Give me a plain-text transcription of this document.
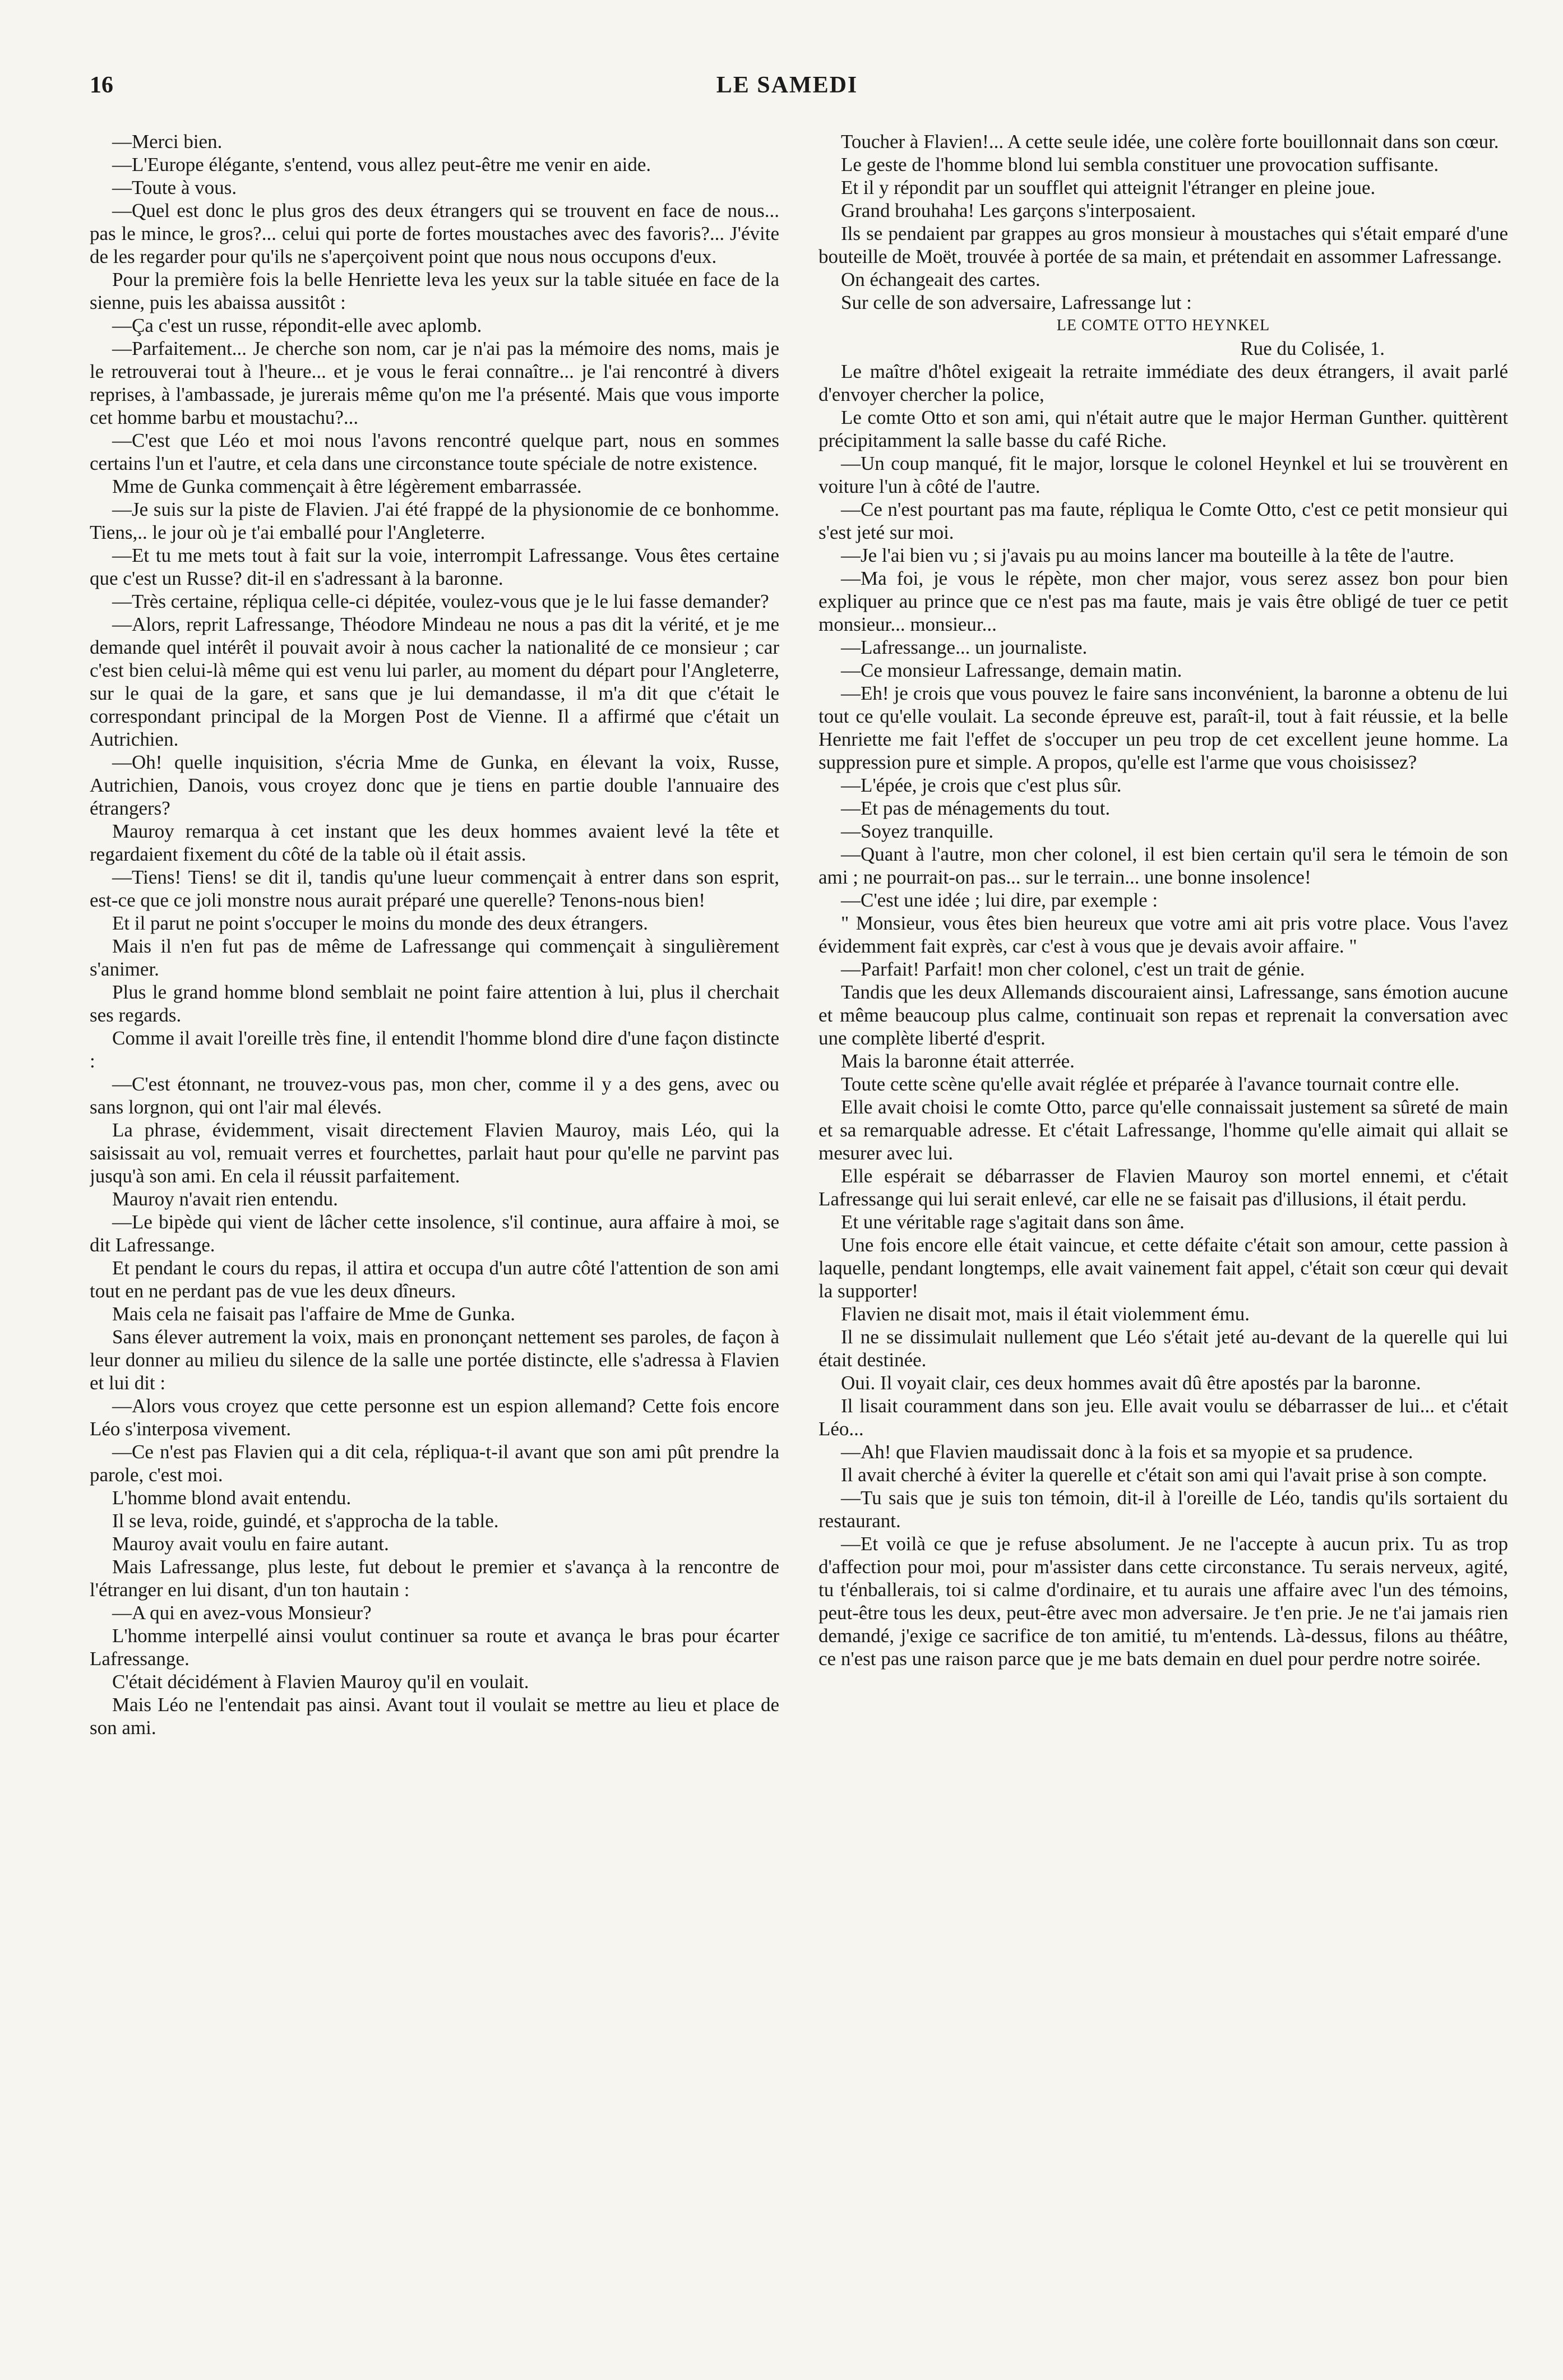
16	LE SAMEDI

—Merci bien.

—L'Europe élégante, s'entend, vous allez peut-être me venir en aide.

—Toute à vous.

—Quel est donc le plus gros des deux étrangers qui se trouvent en face de nous... pas le mince, le gros?... celui qui porte de fortes moustaches avec des favoris?... J'évite de les regarder pour qu'ils ne s'aperçoivent point que nous nous occupons d'eux.

Pour la première fois la belle Henriette leva les yeux sur la table située en face de la sienne, puis les abaissa aussitôt :

—Ça c'est un russe, répondit-elle avec aplomb.

—Parfaitement... Je cherche son nom, car je n'ai pas la mémoire des noms, mais je le retrouverai tout à l'heure... et je vous le ferai connaître... je l'ai rencontré à divers reprises, à l'ambassade, je jurerais même qu'on me l'a présenté. Mais que vous importe cet homme barbu et moustachu?...

—C'est que Léo et moi nous l'avons rencontré quelque part, nous en sommes certains l'un et l'autre, et cela dans une circonstance toute spéciale de notre existence.

Mme de Gunka commençait à être légèrement embarrassée.

—Je suis sur la piste de Flavien. J'ai été frappé de la physionomie de ce bonhomme. Tiens,.. le jour où je t'ai emballé pour l'Angleterre.

—Et tu me mets tout à fait sur la voie, interrompit Lafressange. Vous êtes certaine que c'est un Russe? dit-il en s'adressant à la baronne.

—Très certaine, répliqua celle-ci dépitée, voulez-vous que je le lui fasse demander?

—Alors, reprit Lafressange, Théodore Mindeau ne nous a pas dit la vérité, et je me demande quel intérêt il pouvait avoir à nous cacher la nationalité de ce monsieur ; car c'est bien celui-là même qui est venu lui parler, au moment du départ pour l'Angleterre, sur le quai de la gare, et sans que je lui demandasse, il m'a dit que c'était le correspondant principal de la Morgen Post de Vienne. Il a affirmé que c'était un Autrichien.

—Oh! quelle inquisition, s'écria Mme de Gunka, en élevant la voix, Russe, Autrichien, Danois, vous croyez donc que je tiens en partie double l'annuaire des étrangers?

Mauroy remarqua à cet instant que les deux hommes avaient levé la tête et regardaient fixement du côté de la table où il était assis.

—Tiens! Tiens! se dit il, tandis qu'une lueur commençait à entrer dans son esprit, est-ce que ce joli monstre nous aurait préparé une querelle? Tenons-nous bien!

Et il parut ne point s'occuper le moins du monde des deux étrangers.

Mais il n'en fut pas de même de Lafressange qui commençait à singulièrement s'animer.

Plus le grand homme blond semblait ne point faire attention à lui, plus il cherchait ses regards.

Comme il avait l'oreille très fine, il entendit l'homme blond dire d'une façon distincte :

—C'est étonnant, ne trouvez-vous pas, mon cher, comme il y a des gens, avec ou sans lorgnon, qui ont l'air mal élevés.

La phrase, évidemment, visait directement Flavien Mauroy, mais Léo, qui la saisissait au vol, remuait verres et fourchettes, parlait haut pour qu'elle ne parvint pas jusqu'à son ami. En cela il réussit parfaitement.

Mauroy n'avait rien entendu.

—Le bipède qui vient de lâcher cette insolence, s'il continue, aura affaire à moi, se dit Lafressange.

Et pendant le cours du repas, il attira et occupa d'un autre côté l'attention de son ami tout en ne perdant pas de vue les deux dîneurs.

Mais cela ne faisait pas l'affaire de Mme de Gunka.

Sans élever autrement la voix, mais en prononçant nettement ses paroles, de façon à leur donner au milieu du silence de la salle une portée distincte, elle s'adressa à Flavien et lui dit :

—Alors vous croyez que cette personne est un espion allemand? Cette fois encore Léo s'interposa vivement.

—Ce n'est pas Flavien qui a dit cela, répliqua-t-il avant que son ami pût prendre la parole, c'est moi.

L'homme blond avait entendu.

Il se leva, roide, guindé, et s'approcha de la table.

Mauroy avait voulu en faire autant.

Mais Lafressange, plus leste, fut debout le premier et s'avança à la rencontre de l'étranger en lui disant, d'un ton hautain :

—A qui en avez-vous Monsieur?

L'homme interpellé ainsi voulut continuer sa route et avança le bras pour écarter Lafressange.

C'était décidément à Flavien Mauroy qu'il en voulait.

Mais Léo ne l'entendait pas ainsi. Avant tout il voulait se mettre au lieu et place de son ami.

Toucher à Flavien!... A cette seule idée, une colère forte bouillonnait dans son cœur.

Le geste de l'homme blond lui sembla constituer une provocation suffisante.

Et il y répondit par un soufflet qui atteignit l'étranger en pleine joue.

Grand brouhaha! Les garçons s'interposaient.

Ils se pendaient par grappes au gros monsieur à moustaches qui s'était emparé d'une bouteille de Moët, trouvée à portée de sa main, et prétendait en assommer Lafressange.

On échangeait des cartes.

Sur celle de son adversaire, Lafressange lut :

LE COMTE OTTO HEYNKEL

Rue du Colisée, 1.

Le maître d'hôtel exigeait la retraite immédiate des deux étrangers, il avait parlé d'envoyer chercher la police,

Le comte Otto et son ami, qui n'était autre que le major Herman Gunther. quittèrent précipitamment la salle basse du café Riche.

—Un coup manqué, fit le major, lorsque le colonel Heynkel et lui se trouvèrent en voiture l'un à côté de l'autre.

—Ce n'est pourtant pas ma faute, répliqua le Comte Otto, c'est ce petit monsieur qui s'est jeté sur moi.

—Je l'ai bien vu ; si j'avais pu au moins lancer ma bouteille à la tête de l'autre.

—Ma foi, je vous le répète, mon cher major, vous serez assez bon pour bien expliquer au prince que ce n'est pas ma faute, mais je vais être obligé de tuer ce petit monsieur... monsieur...

—Lafressange... un journaliste.

—Ce monsieur Lafressange, demain matin.

—Eh! je crois que vous pouvez le faire sans inconvénient, la baronne a obtenu de lui tout ce qu'elle voulait. La seconde épreuve est, paraît-il, tout à fait réussie, et la belle Henriette me fait l'effet de s'occuper un peu trop de cet excellent jeune homme. La suppression pure et simple. A propos, qu'elle est l'arme que vous choisissez?

—L'épée, je crois que c'est plus sûr.

—Et pas de ménagements du tout.

—Soyez tranquille.

—Quant à l'autre, mon cher colonel, il est bien certain qu'il sera le témoin de son ami ; ne pourrait-on pas... sur le terrain... une bonne insolence!

—C'est une idée ; lui dire, par exemple :

" Monsieur, vous êtes bien heureux que votre ami ait pris votre place. Vous l'avez évidemment fait exprès, car c'est à vous que je devais avoir affaire. "

—Parfait! Parfait! mon cher colonel, c'est un trait de génie.

Tandis que les deux Allemands discouraient ainsi, Lafressange, sans émotion aucune et même beaucoup plus calme, continuait son repas et reprenait la conversation avec une complète liberté d'esprit.

Mais la baronne était atterrée.

Toute cette scène qu'elle avait réglée et préparée à l'avance tournait contre elle.

Elle avait choisi le comte Otto, parce qu'elle connaissait justement sa sûreté de main et sa remarquable adresse. Et c'était Lafressange, l'homme qu'elle aimait qui allait se mesurer avec lui.

Elle espérait se débarrasser de Flavien Mauroy son mortel ennemi, et c'était Lafressange qui lui serait enlevé, car elle ne se faisait pas d'illusions, il était perdu.

Et une véritable rage s'agitait dans son âme.

Une fois encore elle était vaincue, et cette défaite c'était son amour, cette passion à laquelle, pendant longtemps, elle avait vainement fait appel, c'était son cœur qui devait la supporter!

Flavien ne disait mot, mais il était violemment ému.

Il ne se dissimulait nullement que Léo s'était jeté au-devant de la querelle qui lui était destinée.

Oui. Il voyait clair, ces deux hommes avait dû être apostés par la baronne.

Il lisait couramment dans son jeu. Elle avait voulu se débarrasser de lui... et c'était Léo...

—Ah! que Flavien maudissait donc à la fois et sa myopie et sa prudence.

Il avait cherché à éviter la querelle et c'était son ami qui l'avait prise à son compte.

—Tu sais que je suis ton témoin, dit-il à l'oreille de Léo, tandis qu'ils sortaient du restaurant.

—Et voilà ce que je refuse absolument. Je ne l'accepte à aucun prix. Tu as trop d'affection pour moi, pour m'assister dans cette circonstance. Tu serais nerveux, agité, tu t'énballerais, toi si calme d'ordinaire, et tu aurais une affaire avec l'un des témoins, peut-être tous les deux, peut-être avec mon adversaire. Je t'en prie. Je ne t'ai jamais rien demandé, j'exige ce sacrifice de ton amitié, tu m'entends. Là-dessus, filons au théâtre, ce n'est pas une raison parce que je me bats demain en duel pour perdre notre soirée.
